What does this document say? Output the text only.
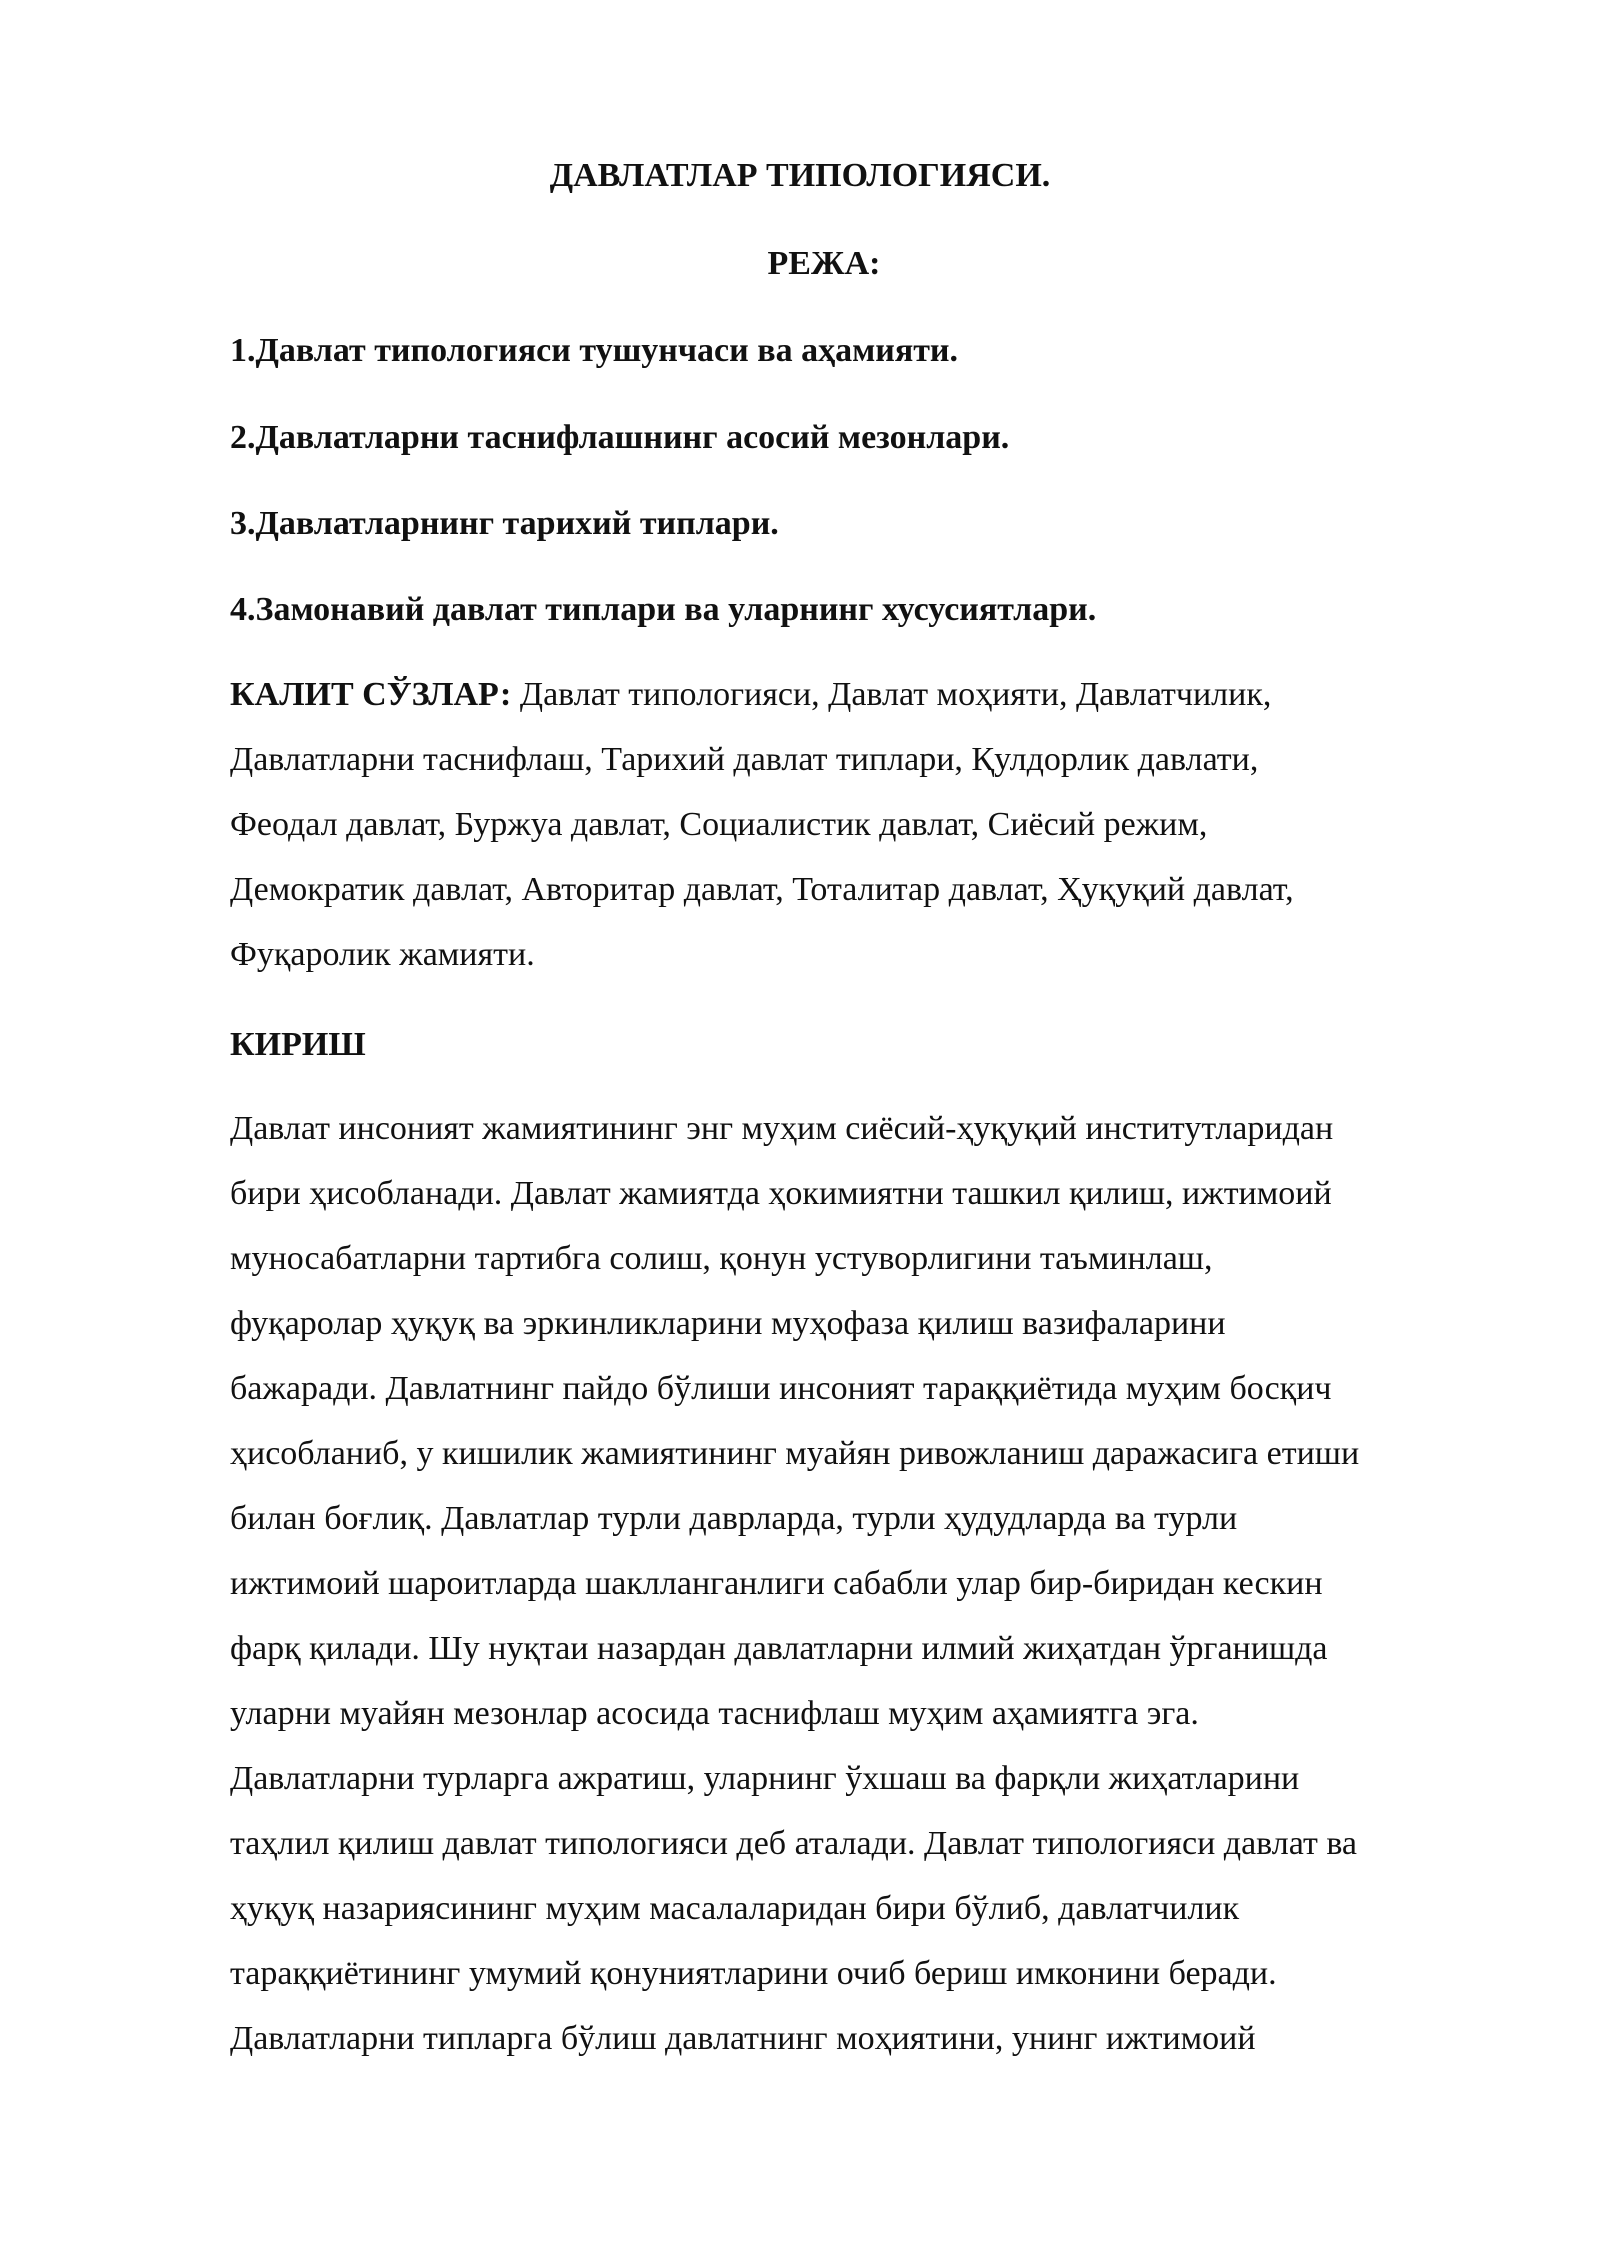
ДАВЛАТЛАР ТИПОЛОГИЯСИ.
РЕЖА:

1.Давлат типологияси тушунчаси ва аҳамияти.

2.Давлатларни таснифлашнинг асосий мезонлари.

3.Давлатларнинг тарихий типлари.

4.Замонавий давлат типлари ва уларнинг хусусиятлари.

КАЛИТ СЎЗЛАР: Давлат типологияси, Давлат моҳияти, Давлатчилик,
Давлатларни таснифлаш, Тарихий давлат типлари, Қулдорлик давлати,
Феодал давлат, Буржуа давлат, Социалистик давлат, Сиёсий режим,
Демократик давлат, Авторитар давлат, Тоталитар давлат, Ҳуқуқий давлат,
Фуқаролик жамияти.
КИРИШ
Давлат инсоният жамиятининг энг муҳим сиёсий-ҳуқуқий институтларидан
бири ҳисобланади. Давлат жамиятда ҳокимиятни ташкил қилиш, ижтимоий
муносабатларни тартибга солиш, қонун устуворлигини таъминлаш,
фуқаролар ҳуқуқ ва эркинликларини муҳофаза қилиш вазифаларини
бажаради. Давлатнинг пайдо бўлиши инсоният тараққиётида муҳим босқич
ҳисобланиб, у кишилик жамиятининг муайян ривожланиш даражасига етиши
билан боғлиқ. Давлатлар турли даврларда, турли ҳудудларда ва турли
ижтимоий шароитларда шаклланганлиги сабабли улар бир-биридан кескин
фарқ қилади. Шу нуқтаи назардан давлатларни илмий жиҳатдан ўрганишда
уларни муайян мезонлар асосида таснифлаш муҳим аҳамиятга эга.
Давлатларни турларга ажратиш, уларнинг ўхшаш ва фарқли жиҳатларини
таҳлил қилиш давлат типологияси деб аталади. Давлат типологияси давлат ва
ҳуқуқ назариясининг муҳим масалаларидан бири бўлиб, давлатчилик
тараққиётининг умумий қонуниятларини очиб бериш имконини беради.
Давлатларни типларга бўлиш давлатнинг моҳиятини, унинг ижтимоий
